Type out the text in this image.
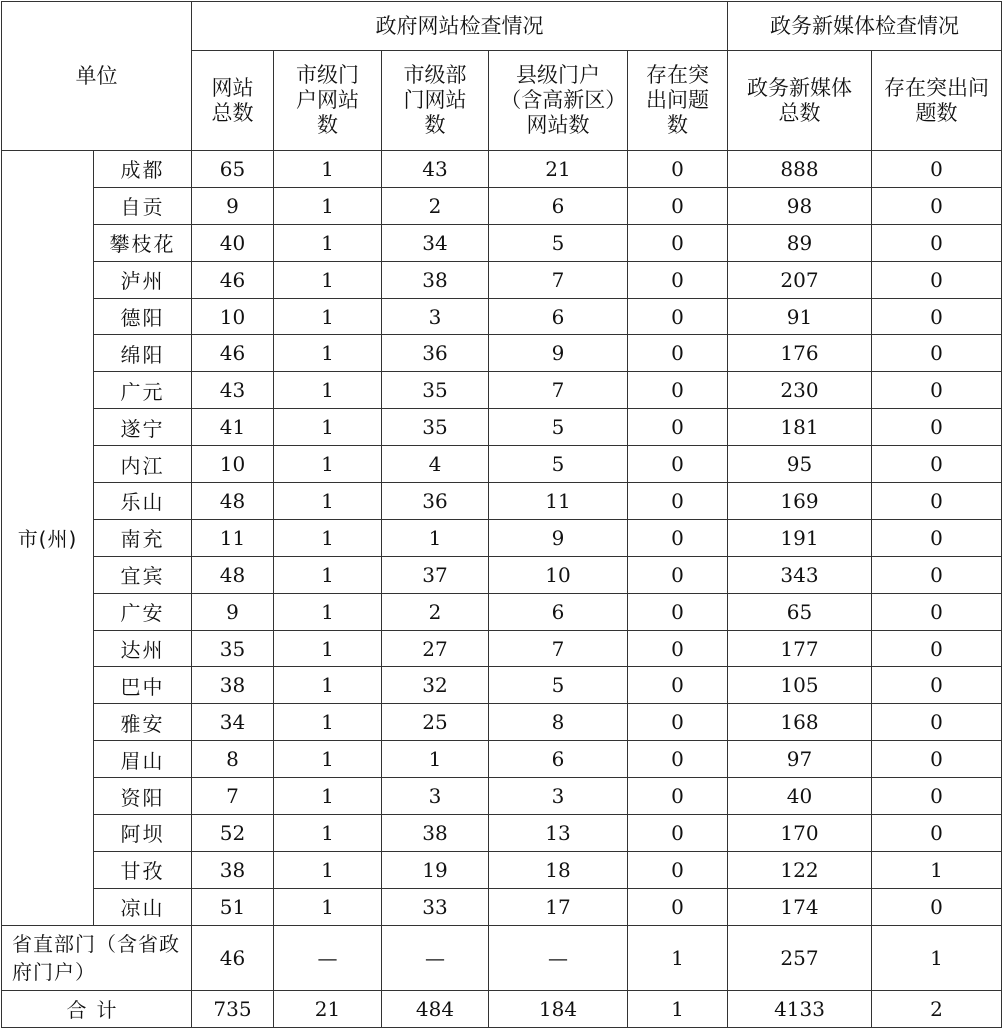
单位		政府网站检查情况					政务新媒体检查情况	
		网站总数	市级门户网站数	市级部门网站数	县级门户（含高新区）网站数	存在突出问题数	政务新媒体总数	存在突出问题数
市(州)	成都	65	1	43	21	0	888	0
	自贡	9	1	2	6	0	98	0
	攀枝花	40	1	34	5	0	89	0
	泸州	46	1	38	7	0	207	0
	德阳	10	1	3	6	0	91	0
	绵阳	46	1	36	9	0	176	0
	广元	43	1	35	7	0	230	0
	遂宁	41	1	35	5	0	181	0
	内江	10	1	4	5	0	95	0
	乐山	48	1	36	11	0	169	0
	南充	11	1	1	9	0	191	0
	宜宾	48	1	37	10	0	343	0
	广安	9	1	2	6	0	65	0
	达州	35	1	27	7	0	177	0
	巴中	38	1	32	5	0	105	0
	雅安	34	1	25	8	0	168	0
	眉山	8	1	1	6	0	97	0
	资阳	7	1	3	3	0	40	0
	阿坝	52	1	38	13	0	170	0
	甘孜	38	1	19	18	0	122	1
	凉山	51	1	33	17	0	174	0
省直部门（含省政府门户）		46	—	—	—	1	257	1
合计		735	21	484	184	1	4133	2
